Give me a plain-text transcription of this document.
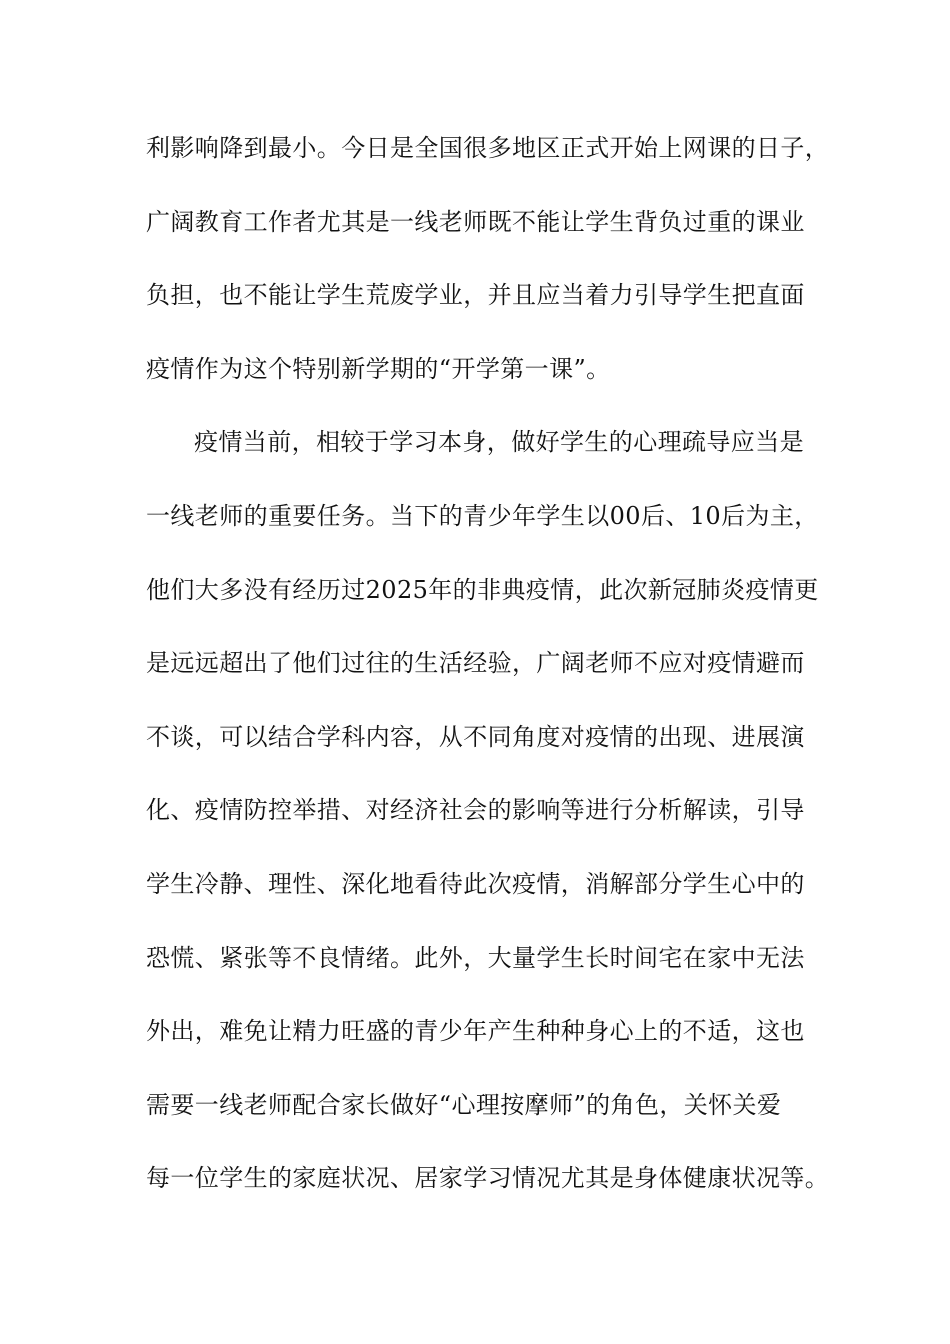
利影响降到最小。今日是全国很多地区正式开始上网课的日子，
广阔教育工作者尤其是一线老师既不能让学生背负过重的课业
负担，也不能让学生荒废学业，并且应当着力引导学生把直面
疫情作为这个特别新学期的“开学第一课”。
疫情当前，相较于学习本身，做好学生的心理疏导应当是
一线老师的重要任务。当下的青少年学生以00后、10后为主，
他们大多没有经历过2025年的非典疫情，此次新冠肺炎疫情更
是远远超出了他们过往的生活经验，广阔老师不应对疫情避而
不谈，可以结合学科内容，从不同角度对疫情的出现、进展演
化、疫情防控举措、对经济社会的影响等进行分析解读，引导
学生冷静、理性、深化地看待此次疫情，消解部分学生心中的
恐慌、紧张等不良情绪。此外，大量学生长时间宅在家中无法
外出，难免让精力旺盛的青少年产生种种身心上的不适，这也
需要一线老师配合家长做好“心理按摩师”的角色，关怀关爱
每一位学生的家庭状况、居家学习情况尤其是身体健康状况等。
